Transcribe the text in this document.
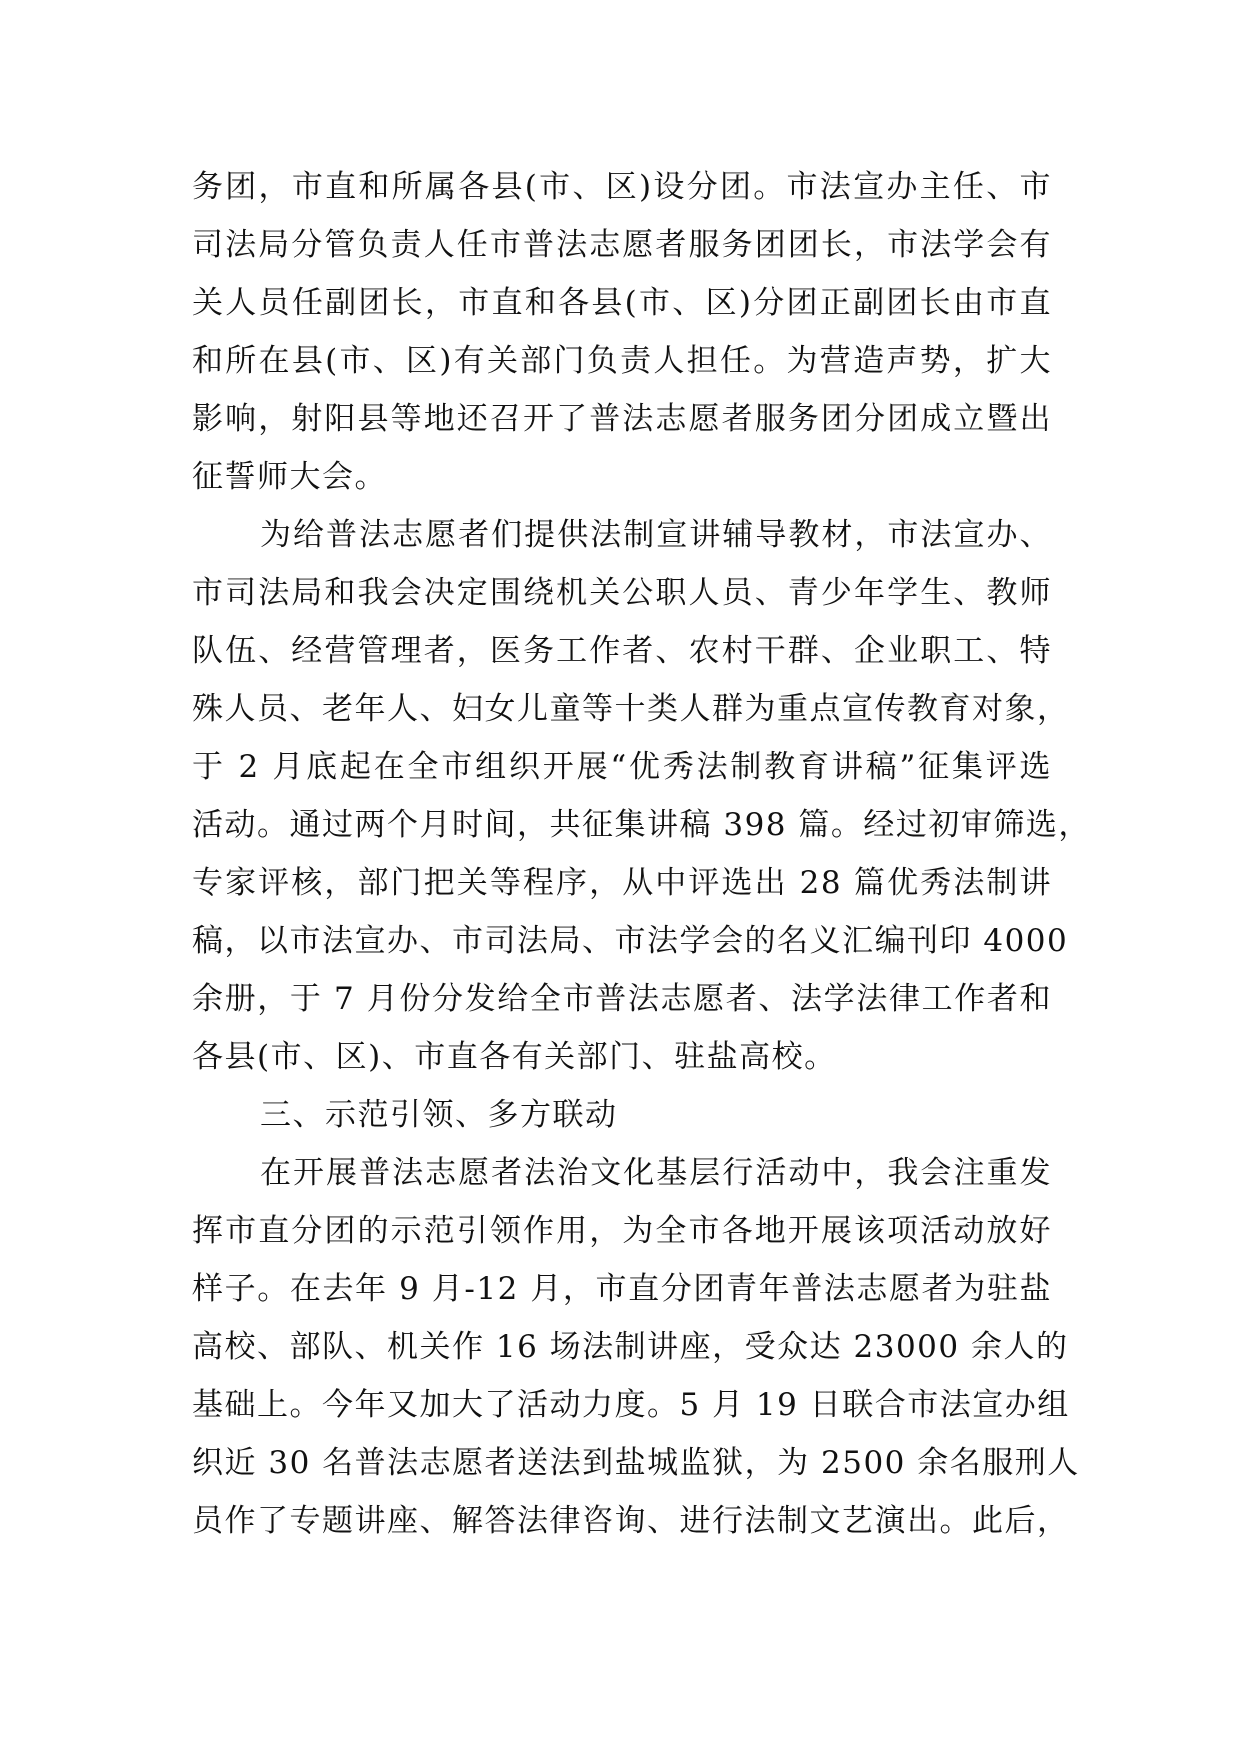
务团，市直和所属各县(市、区)设分团。市法宣办主任、市
司法局分管负责人任市普法志愿者服务团团长，市法学会有
关人员任副团长，市直和各县(市、区)分团正副团长由市直
和所在县(市、区)有关部门负责人担任。为营造声势，扩大
影响，射阳县等地还召开了普法志愿者服务团分团成立暨出
征誓师大会。
为给普法志愿者们提供法制宣讲辅导教材，市法宣办、
市司法局和我会决定围绕机关公职人员、青少年学生、教师
队伍、经营管理者，医务工作者、农村干群、企业职工、特
殊人员、老年人、妇女儿童等十类人群为重点宣传教育对象，
于 2 月底起在全市组织开展“优秀法制教育讲稿”征集评选
活动。通过两个月时间，共征集讲稿 398 篇。经过初审筛选，
专家评核，部门把关等程序，从中评选出 28 篇优秀法制讲
稿，以市法宣办、市司法局、市法学会的名义汇编刊印 4000
余册，于 7 月份分发给全市普法志愿者、法学法律工作者和
各县(市、区)、市直各有关部门、驻盐高校。
三、示范引领、多方联动
在开展普法志愿者法治文化基层行活动中，我会注重发
挥市直分团的示范引领作用，为全市各地开展该项活动放好
样子。在去年 9 月-12 月，市直分团青年普法志愿者为驻盐
高校、部队、机关作 16 场法制讲座，受众达 23000 余人的
基础上。今年又加大了活动力度。5 月 19 日联合市法宣办组
织近 30 名普法志愿者送法到盐城监狱，为 2500 余名服刑人
员作了专题讲座、解答法律咨询、进行法制文艺演出。此后，
